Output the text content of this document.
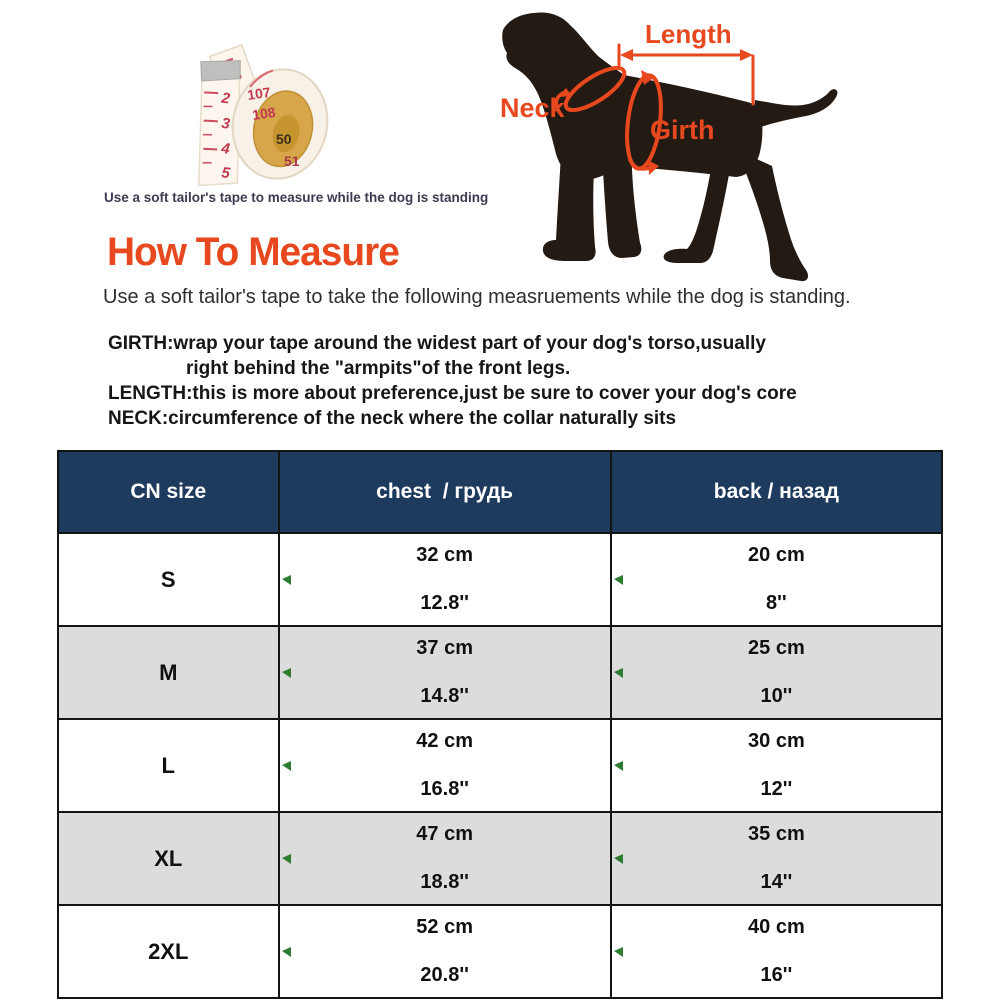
2
3
4
5
107
108
50
51
Use a soft tailor's tape to measure while the dog is standing
Length
Neck
Girth
How To Measure
Use a soft tailor's tape to take the following measruements while the dog is standing.
GIRTH:wrap your tape around the widest part of your dog's torso,usually
right behind the "armpits"of the front legs.
LENGTH:this is more about preference,just be sure to cover your dog's core
NECK:circumference of the neck where the collar naturally sits
CN size	chest  / грудь	back / назад
S
32 cm
12.8''
20 cm
8''
M
37 cm
14.8''
25 cm
10''
L
42 cm
16.8''
30 cm
12''
XL
47 cm
18.8''
35 cm
14''
2XL
52 cm
20.8''
40 cm
16''
